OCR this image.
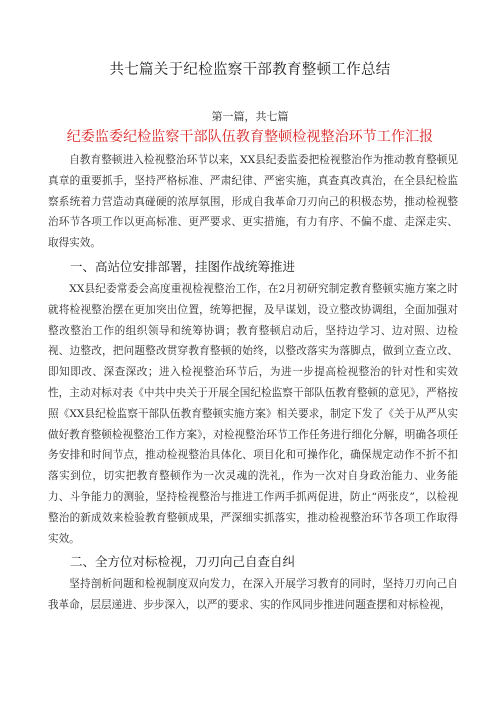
共七篇关于纪检监察干部教育整顿工作总结
第一篇，共七篇
纪委监委纪检监察干部队伍教育整顿检视整治环节工作汇报

自教育整顿进入检视整治环节以来，XX县纪委监委把检视整治作为推动教育整顿见真章的重要抓手，坚持严格标准、严肃纪律、严密实施，真查真改真治，在全县纪检监察系统着力营造动真碰硬的浓厚氛围，形成自我革命刀刃向己的积极态势，推动检视整治环节各项工作以更高标准、更严要求、更实措施，有力有序、不偏不虚、走深走实、取得实效。

一、高站位安排部署，挂图作战统筹推进

XX县纪委常委会高度重视检视整治工作，在2月初研究制定教育整顿实施方案之时就将检视整治摆在更加突出位置，统筹把握，及早谋划，设立整改协调组，全面加强对整改整治工作的组织领导和统筹协调；教育整顿启动后，坚持边学习、边对照、边检视、边整改，把问题整改贯穿教育整顿的始终，以整改落实为落脚点，做到立查立改、即知即改、深查深改；进入检视整治环节后，为进一步提高检视整治的针对性和实效性，主动对标对表《中共中央关于开展全国纪检监察干部队伍教育整顿的意见》，严格按照《XX县纪检监察干部队伍教育整顿实施方案》相关要求，制定下发了《关于从严从实做好教育整顿检视整治工作方案》，对检视整治环节工作任务进行细化分解，明确各项任务安排和时间节点，推动检视整治具体化、项目化和可操作化，确保规定动作不折不扣落实到位，切实把教育整顿作为一次灵魂的洗礼，作为一次对自身政治能力、业务能力、斗争能力的测验，坚持检视整治与推进工作两手抓两促进，防止“两张皮”，以检视整治的新成效来检验教育整顿成果，严深细实抓落实，推动检视整治环节各项工作取得实效。

二、全方位对标检视，刀刃向己自查自纠

坚持剖析问题和检视制度双向发力，在深入开展学习教育的同时，坚持刀刃向己自我革命，层层递进、步步深入，以严的要求、实的作风同步推进问题查摆和对标检视，
